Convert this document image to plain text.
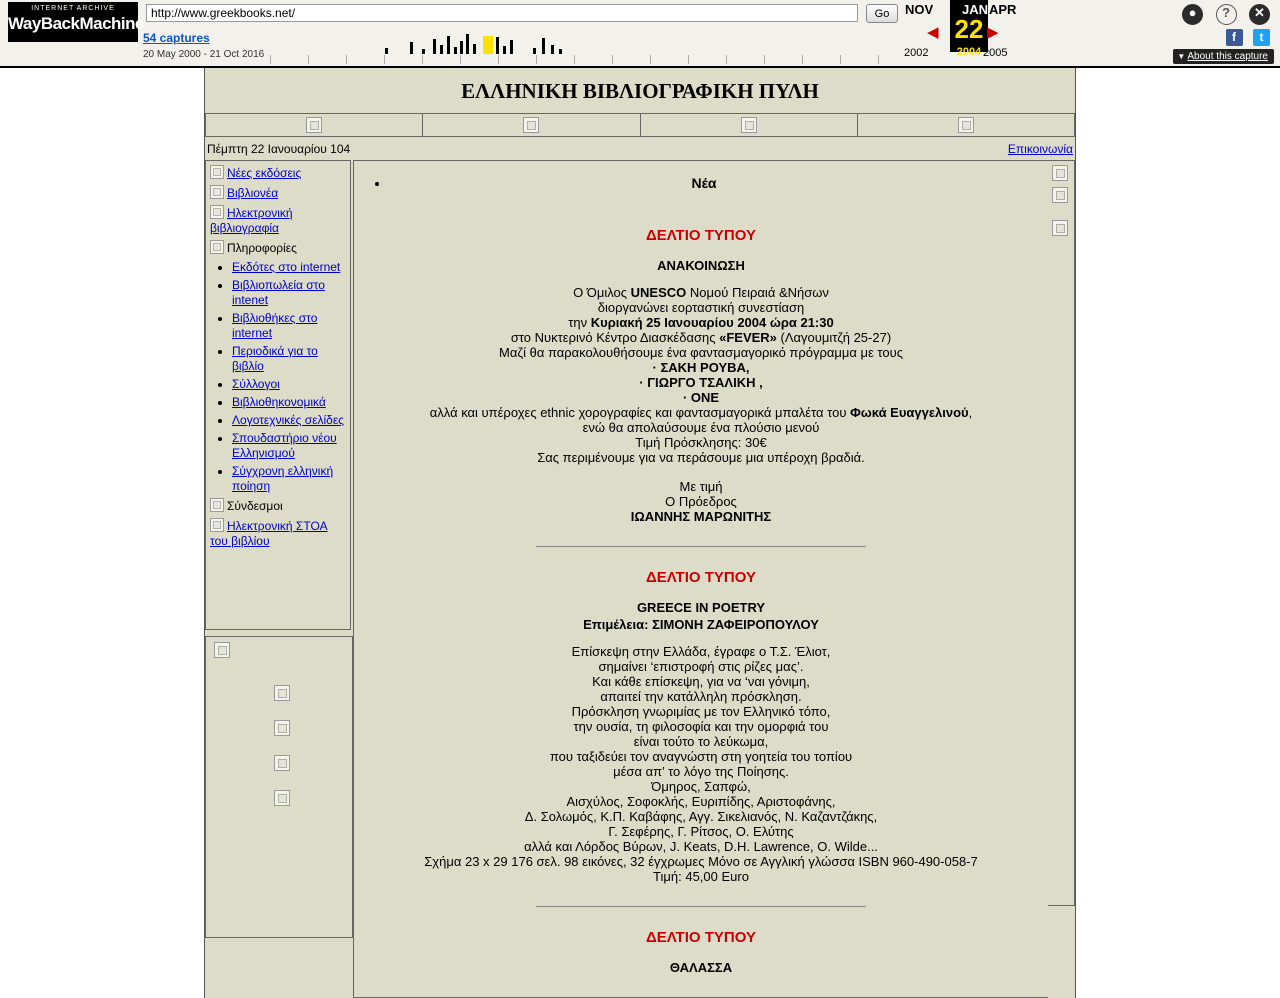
INTERNET ARCHIVE
WayBackMachine
http://www.greekbooks.net/
Go
54 captures
20 May 2000 - 21 Oct 2016
NOV JAN APR
22
2004
2002	2005
◀	▶
●
	?
	✕
f t
▼ About this capture
ΕΛΛΗΝΙΚΗ ΒΙΒΛΙΟΓΡΑΦΙΚΗ ΠΥΛΗ
Πέμπτη 22 Ιανουαρίου 104	Επικοινωνία
Νέες εκδόσεις
Βιβλιονέα
Ηλεκτρονική βιβλιογραφία
Πληροφορίες
• Εκδότες στο internet
• Βιβλιοπωλεία στο intenet
• Βιβλιοθήκες στο internet
• Περιοδικά για το βιβλίο
• Σύλλογοι
• Βιβλιοθηκονομικά
• Λογοτεχνικές σελίδες
• Σπουδαστήριο νέου Ελληνισμού
• Σύγχρονη ελληνική ποίηση
Σύνδεσμοι
Ηλεκτρονική ΣΤΟΑ του βιβλίου
• Νέα
ΔΕΛΤΙΟ ΤΥΠΟΥ
ΑΝΑΚΟΙΝΩΣΗ
Ο Όμιλος UNESCO Νομού Πειραιά &Νήσων
διοργανώνει εορταστική συνεστίαση
την Κυριακή 25 Ιανουαρίου 2004 ώρα 21:30
στο Νυκτερινό Κέντρο Διασκέδασης «FEVER» (Λαγουμιτζή 25-27)
Μαζί θα παρακολουθήσουμε ένα φαντασμαγορικό πρόγραμμα με τους
· ΣΑΚΗ ΡΟΥΒΑ,
· ΓΙΩΡΓΟ ΤΣΑΛΙΚΗ ,
· ONE
αλλά και υπέροχες ethnic χορογραφίες και φαντασμαγορικά μπαλέτα του Φωκά Ευαγγελινού,
ενώ θα απολαύσουμε ένα πλούσιο μενού
Τιμή Πρόσκλησης: 30€
Σας περιμένουμε για να περάσουμε μια υπέροχη βραδιά.
Με τιμή
Ο Πρόεδρος
ΙΩΑΝΝΗΣ ΜΑΡΩΝΙΤΗΣ
ΔΕΛΤΙΟ ΤΥΠΟΥ
GREECE IN POETRY
Επιμέλεια: ΣΙΜΟΝΗ ΖΑΦΕΙΡΟΠΟΥΛΟΥ
Επίσκεψη στην Ελλάδα, έγραφε ο Τ.Σ. Έλιοτ,
σημαίνει ‘επιστροφή στις ρίζες μας’.
Και κάθε επίσκεψη, για να ‘ναι γόνιμη,
απαιτεί την κατάλληλη πρόσκληση.
Πρόσκληση γνωριμίας με τον Ελληνικό τόπο,
την ουσία, τη φιλοσοφία και την ομορφιά του
είναι τούτο το λεύκωμα,
που ταξιδεύει τον αναγνώστη στη γοητεία του τοπίου
μέσα απ’ το λόγο της Ποίησης.
Όμηρος, Σαπφώ,
Αισχύλος, Σοφοκλής, Ευριπίδης, Αριστοφάνης,
Δ. Σολωμός, Κ.Π. Καβάφης, Αγγ. Σικελιανός, Ν. Καζαντζάκης,
Γ. Σεφέρης, Γ. Ρίτσος, Ο. Ελύτης
αλλά και Λόρδος Βύρων, J. Keats, D.H. Lawrence, O. Wilde...
Σχήμα 23 x 29 176 σελ. 98 εικόνες, 32 έγχρωμες Μόνο σε Αγγλική γλώσσα ISBN 960-490-058-7
Τιμή: 45,00 Euro
ΔΕΛΤΙΟ ΤΥΠΟΥ
ΘΑΛΑΣΣΑ
